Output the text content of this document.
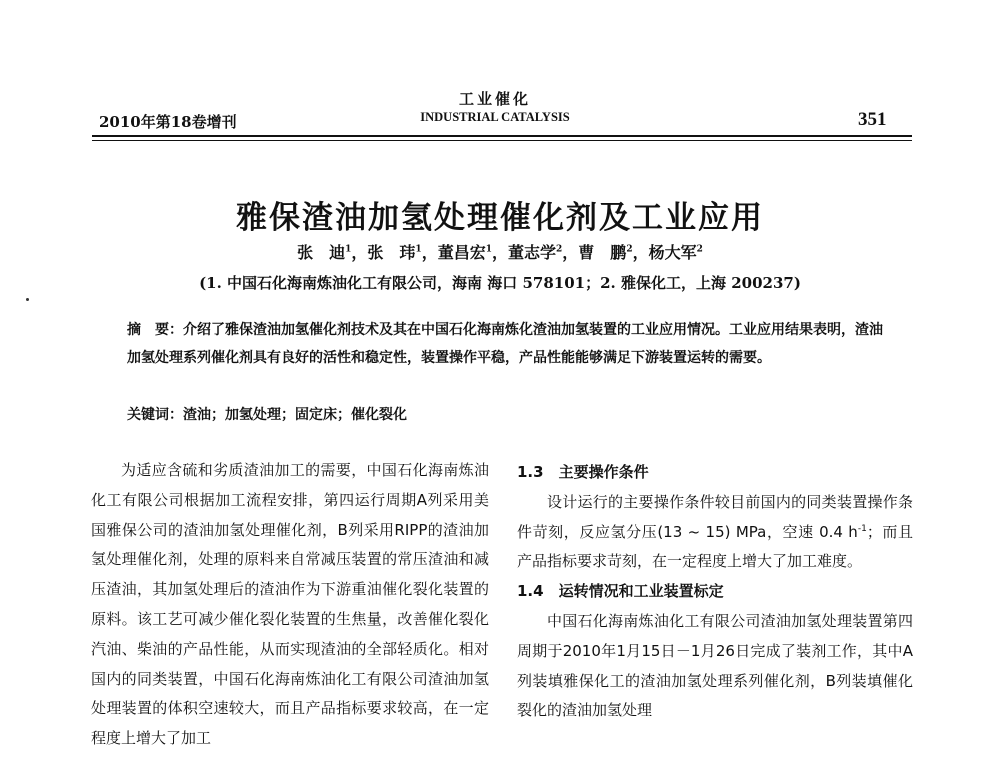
2010年第18卷增刊
工业催化
INDUSTRIAL CATALYSIS	351
雅保渣油加氢处理催化剂及工业应用
张　迪$^1$，张　玮$^1$，董昌宏$^1$，董志学$^2$，曹　鹏$^2$，杨大军$^2$
(1. 中国石化海南炼油化工有限公司，海南 海口 578101；2. 雅保化工，上海 200237)
摘　要：介绍了雅保渣油加氢催化剂技术及其在中国石化海南炼化渣油加氢装置的工业应用情况。工业应用结果表明，渣油加氢处理系列催化剂具有良好的活性和稳定性，装置操作平稳，产品性能能够满足下游装置运转的需要。
关键词：渣油；加氢处理；固定床；催化裂化
为适应含硫和劣质渣油加工的需要，中国石化海南炼油化工有限公司根据加工流程安排，第四运行周期A列采用美国雅保公司的渣油加氢处理催化剂，B列采用RIPP的渣油加氢处理催化剂，处理的原料来自常减压装置的常压渣油和减压渣油，其加氢处理后的渣油作为下游重油催化裂化装置的原料。该工艺可减少催化裂化装置的生焦量，改善催化裂化汽油、柴油的产品性能，从而实现渣油的全部轻质化。相对国内的同类装置，中国石化海南炼油化工有限公司渣油加氢处理装置的体积空速较大，而且产品指标要求较高，在一定程度上增大了加工

1.3　主要操作条件

设计运行的主要操作条件较目前国内的同类装置操作条件苛刻，反应氢分压(13 ~ 15) MPa，空速 0.4 $h^{-1}$；而且产品指标要求苛刻，在一定程度上增大了加工难度。

1.4　运转情况和工业装置标定

中国石化海南炼油化工有限公司渣油加氢处理装置第四周期于2010年1月15日－1月26日完成了装剂工作，其中A列装填雅保化工的渣油加氢处理系列催化剂，B列装填催化裂化的渣油加氢处理
